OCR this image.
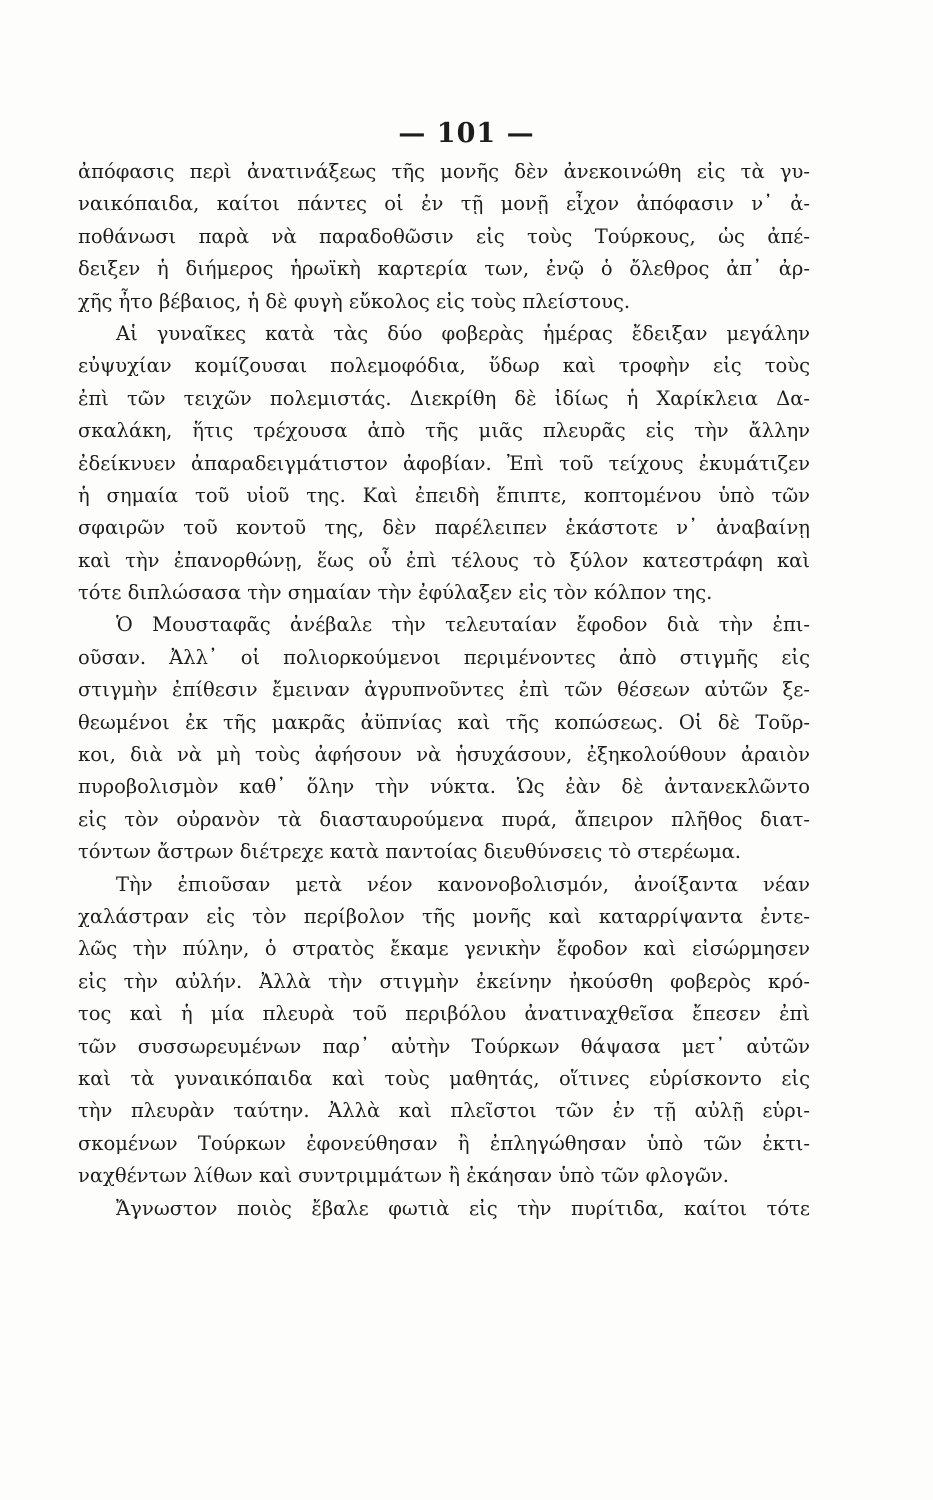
— 101 —
ἀπόφασις περὶ ἀνατινάξεως τῆς μονῆς δὲν ἀνεκοινώθη εἰς τὰ γυ-
ναικόπαιδα, καίτοι πάντες οἱ ἐν τῇ μονῇ εἶχον ἀπόφασιν ν᾽ ἀ-
ποθάνωσι παρὰ νὰ παραδοθῶσιν εἰς τοὺς Τούρκους, ὡς ἀπέ-
δειξεν ἡ διήμερος ἡρωϊκὴ καρτερία των, ἐνῷ ὁ ὄλεθρος ἀπ᾽ ἀρ-
χῆς ἦτο βέβαιος, ἡ δὲ φυγὴ εὔκολος εἰς τοὺς πλείστους.
Αἱ γυναῖκες κατὰ τὰς δύο φοβερὰς ἡμέρας ἔδειξαν μεγάλην
εὐψυχίαν κομίζουσαι πολεμοφόδια, ὕδωρ καὶ τροφὴν εἰς τοὺς
ἐπὶ τῶν τειχῶν πολεμιστάς. Διεκρίθη δὲ ἰδίως ἡ Χαρίκλεια Δα-
σκαλάκη, ἥτις τρέχουσα ἀπὸ τῆς μιᾶς πλευρᾶς εἰς τὴν ἄλλην
ἐδείκνυεν ἀπαραδειγμάτιστον ἀφοβίαν. Ἐπὶ τοῦ τείχους ἐκυμάτιζεν
ἡ σημαία τοῦ υἱοῦ της. Καὶ ἐπειδὴ ἔπιπτε, κοπτομένου ὑπὸ τῶν
σφαιρῶν τοῦ κοντοῦ της, δὲν παρέλειπεν ἑκάστοτε ν᾽ ἀναβαίνῃ
καὶ τὴν ἐπανορθώνῃ, ἕως οὗ ἐπὶ τέλους τὸ ξύλον κατεστράφη καὶ
τότε διπλώσασα τὴν σημαίαν τὴν ἐφύλαξεν εἰς τὸν κόλπον της.
Ὁ Μουσταφᾶς ἀνέβαλε τὴν τελευταίαν ἔφοδον διὰ τὴν ἐπι-
οῦσαν. Ἀλλ᾽ οἱ πολιορκούμενοι περιμένοντες ἀπὸ στιγμῆς εἰς
στιγμὴν ἐπίθεσιν ἔμειναν ἀγρυπνοῦντες ἐπὶ τῶν θέσεων αὐτῶν ξε-
θεωμένοι ἐκ τῆς μακρᾶς ἀϋπνίας καὶ τῆς κοπώσεως. Οἱ δὲ Τοῦρ-
κοι, διὰ νὰ μὴ τοὺς ἀφήσουν νὰ ἡσυχάσουν, ἐξηκολούθουν ἀραιὸν
πυροβολισμὸν καθ᾽ ὅλην τὴν νύκτα. Ὡς ἐὰν δὲ ἀντανεκλῶντο
εἰς τὸν οὐρανὸν τὰ διασταυρούμενα πυρά, ἄπειρον πλῆθος διατ-
τόντων ἄστρων διέτρεχε κατὰ παντοίας διευθύνσεις τὸ στερέωμα.
Τὴν ἐπιοῦσαν μετὰ νέον κανονοβολισμόν, ἀνοίξαντα νέαν
χαλάστραν εἰς τὸν περίβολον τῆς μονῆς καὶ καταρρίψαντα ἐντε-
λῶς τὴν πύλην, ὁ στρατὸς ἔκαμε γενικὴν ἔφοδον καὶ εἰσώρμησεν
εἰς τὴν αὐλήν. Ἀλλὰ τὴν στιγμὴν ἐκείνην ἠκούσθη φοβερὸς κρό-
τος καὶ ἡ μία πλευρὰ τοῦ περιβόλου ἀνατιναχθεῖσα ἔπεσεν ἐπὶ
τῶν συσσωρευμένων παρ᾽ αὐτὴν Τούρκων θάψασα μετ᾽ αὐτῶν
καὶ τὰ γυναικόπαιδα καὶ τοὺς μαθητάς, οἵτινες εὑρίσκοντο εἰς
τὴν πλευρὰν ταύτην. Ἀλλὰ καὶ πλεῖστοι τῶν ἐν τῇ αὐλῇ εὑρι-
σκομένων Τούρκων ἐφονεύθησαν ἢ ἐπληγώθησαν ὑπὸ τῶν ἐκτι-
ναχθέντων λίθων καὶ συντριμμάτων ἢ ἐκάησαν ὑπὸ τῶν φλογῶν.
Ἄγνωστον ποιὸς ἔβαλε φωτιὰ εἰς τὴν πυρίτιδα, καίτοι τότε
